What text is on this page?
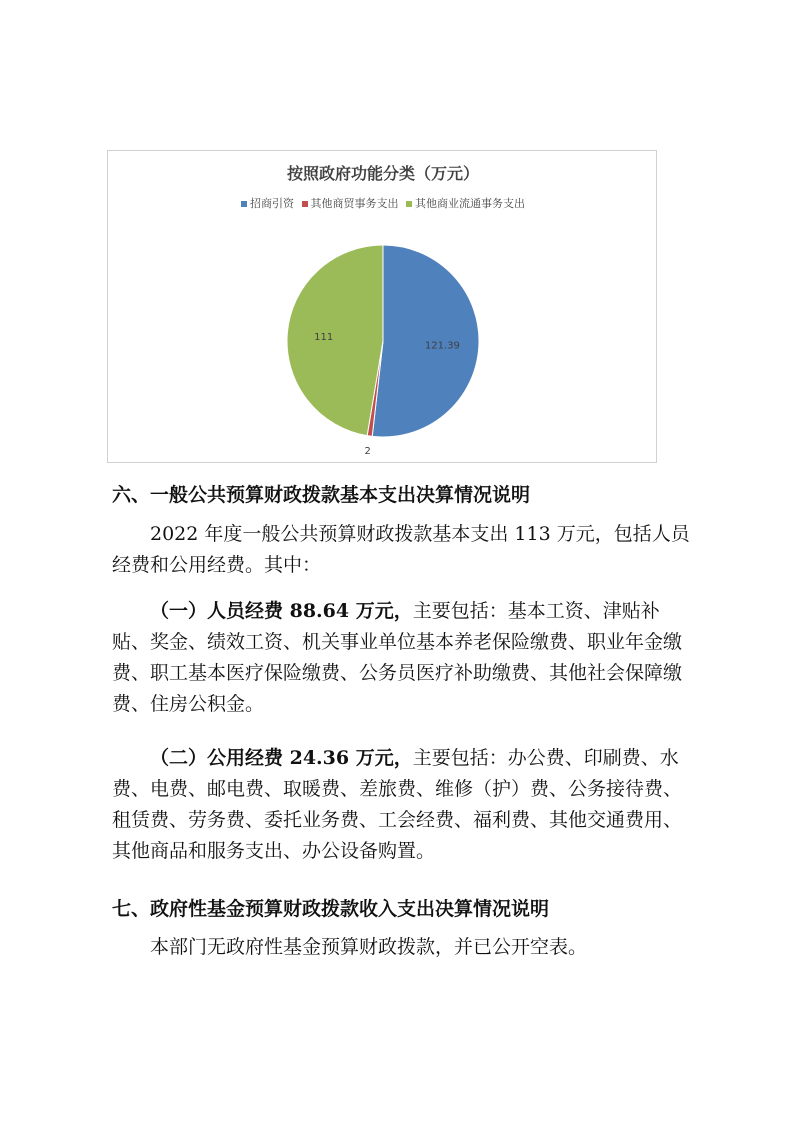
按照政府功能分类（万元）
招商引资 其他商贸事务支出 其他商业流通事务支出
121.39
2
111
六、一般公共预算财政拨款基本支出决算情况说明
2022 年度一般公共预算财政拨款基本支出 113 万元，包括人员经费和公用经费。其中：
（一）人员经费 88.64 万元，主要包括：基本工资、津贴补贴、奖金、绩效工资、机关事业单位基本养老保险缴费、职业年金缴费、职工基本医疗保险缴费、公务员医疗补助缴费、其他社会保障缴费、住房公积金。
（二）公用经费 24.36 万元，主要包括：办公费、印刷费、水费、电费、邮电费、取暖费、差旅费、维修（护）费、公务接待费、租赁费、劳务费、委托业务费、工会经费、福利费、其他交通费用、其他商品和服务支出、办公设备购置。
七、政府性基金预算财政拨款收入支出决算情况说明
本部门无政府性基金预算财政拨款，并已公开空表。
